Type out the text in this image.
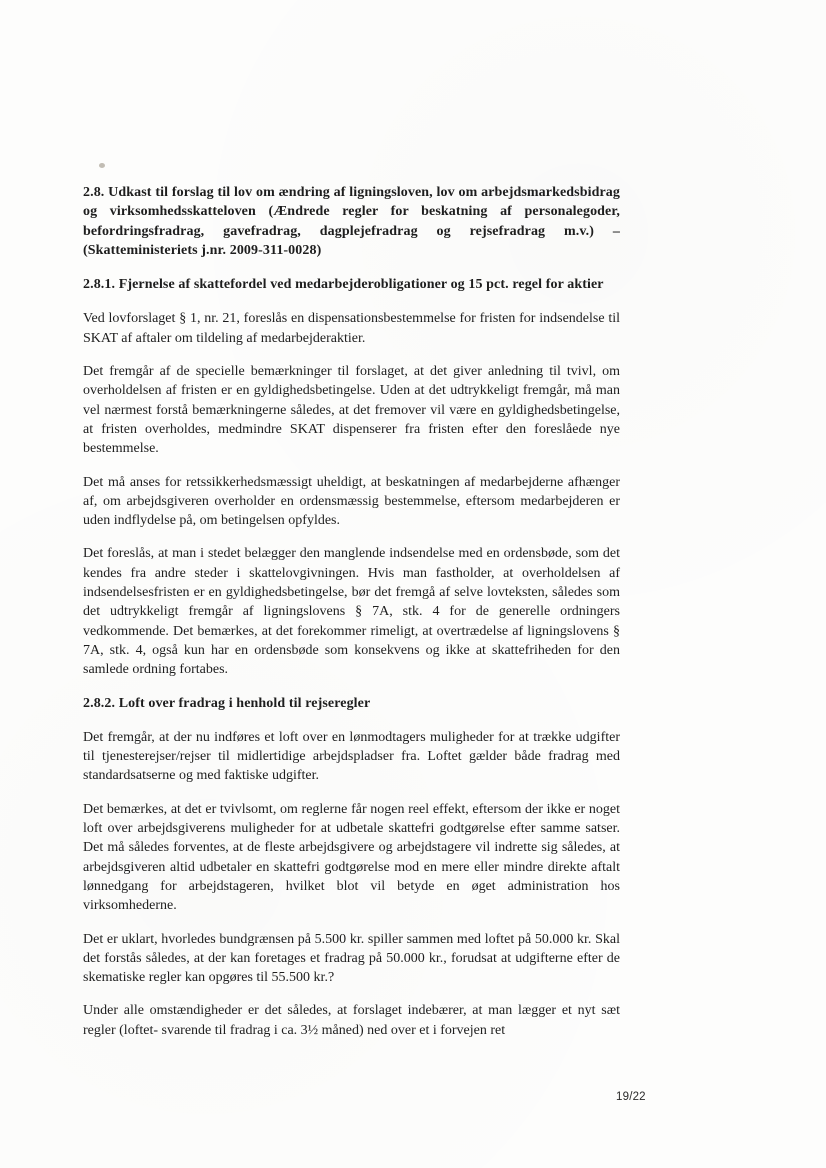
2.8. Udkast til forslag til lov om ændring af ligningsloven, lov om arbejdsmarkedsbidrag og virksomhedsskatteloven (Ændrede regler for beskatning af personalegoder, befordringsfradrag, gavefradrag, dagplejefradrag og rejsefradrag m.v.) – (Skatteministeriets j.nr. 2009-311-0028)
2.8.1. Fjernelse af skattefordel ved medarbejderobligationer og 15 pct. regel for aktier

Ved lovforslaget § 1, nr. 21, foreslås en dispensationsbestemmelse for fristen for indsendelse til SKAT af aftaler om tildeling af medarbejderaktier.

Det fremgår af de specielle bemærkninger til forslaget, at det giver anledning til tvivl, om overholdelsen af fristen er en gyldighedsbetingelse. Uden at det udtrykkeligt fremgår, må man vel nærmest forstå bemærkningerne således, at det fremover vil være en gyldighedsbetingelse, at fristen overholdes, medmindre SKAT dispenserer fra fristen efter den foreslåede nye bestemmelse.

Det må anses for retssikkerhedsmæssigt uheldigt, at beskatningen af medarbejderne afhænger af, om arbejdsgiveren overholder en ordensmæssig bestemmelse, eftersom medarbejderen er uden indflydelse på, om betingelsen opfyldes.

Det foreslås, at man i stedet belægger den manglende indsendelse med en ordensbøde, som det kendes fra andre steder i skattelovgivningen. Hvis man fastholder, at overholdelsen af indsendelsesfristen er en gyldighedsbetingelse, bør det fremgå af selve lovteksten, således som det udtrykkeligt fremgår af ligningslovens § 7A, stk. 4 for de generelle ordningers vedkommende. Det bemærkes, at det forekommer rimeligt, at overtrædelse af ligningslovens § 7A, stk. 4, også kun har en ordensbøde som konsekvens og ikke at skattefriheden for den samlede ordning fortabes.

2.8.2. Loft over fradrag i henhold til rejseregler

Det fremgår, at der nu indføres et loft over en lønmodtagers muligheder for at trække udgifter til tjenesterejser/rejser til midlertidige arbejdspladser fra. Loftet gælder både fradrag med standardsatserne og med faktiske udgifter.

Det bemærkes, at det er tvivlsomt, om reglerne får nogen reel effekt, eftersom der ikke er noget loft over arbejdsgiverens muligheder for at udbetale skattefri godtgørelse efter samme satser. Det må således forventes, at de fleste arbejdsgivere og arbejdstagere vil indrette sig således, at arbejdsgiveren altid udbetaler en skattefri godtgørelse mod en mere eller mindre direkte aftalt lønnedgang for arbejdstageren, hvilket blot vil betyde en øget administration hos virksomhederne.

Det er uklart, hvorledes bundgrænsen på 5.500 kr. spiller sammen med loftet på 50.000 kr. Skal det forstås således, at der kan foretages et fradrag på 50.000 kr., forudsat at udgifterne efter de skematiske regler kan opgøres til 55.500 kr.?

Under alle omstændigheder er det således, at forslaget indebærer, at man lægger et nyt sæt regler (loftet- svarende til fradrag i ca. 3½ måned) ned over et i forvejen ret

19/22
